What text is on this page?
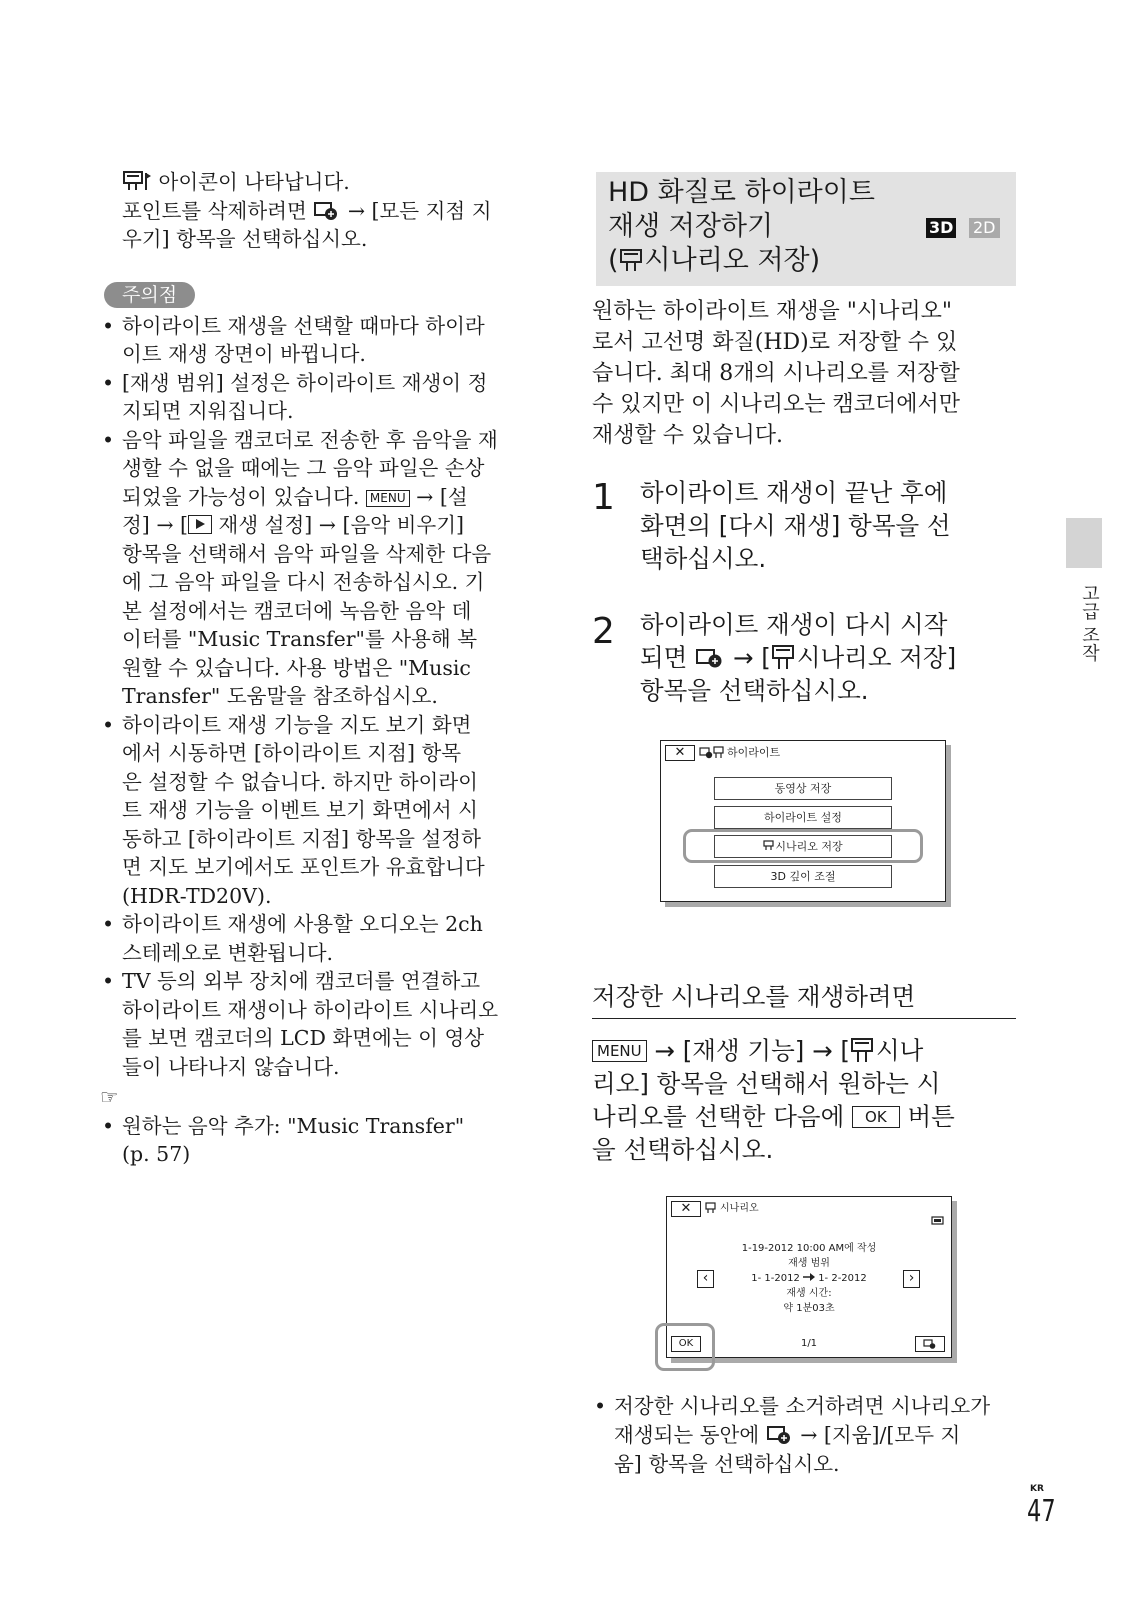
아이콘이 나타납니다.

포인트를 삭제하려면 → [모든 지점 지

우기] 항목을 선택하십시오.

주의점

• 하이라이트 재생을 선택할 때마다 하이라

이트 재생 장면이 바뀝니다.

• [재생 범위] 설정은 하이라이트 재생이 정

지되면 지워집니다.

• 음악 파일을 캠코더로 전송한 후 음악을 재

생할 수 없을 때에는 그 음악 파일은 손상

되었을 가능성이 있습니다. MENU → [설

정] → [ 재생 설정] → [음악 비우기]

항목을 선택해서 음악 파일을 삭제한 다음

에 그 음악 파일을 다시 전송하십시오. 기

본 설정에서는 캠코더에 녹음한 음악 데

이터를 "Music Transfer"를 사용해 복

원할 수 있습니다. 사용 방법은 "Music

Transfer" 도움말을 참조하십시오.

• 하이라이트 재생 기능을 지도 보기 화면

에서 시동하면 [하이라이트 지점] 항목

은 설정할 수 없습니다. 하지만 하이라이

트 재생 기능을 이벤트 보기 화면에서 시

동하고 [하이라이트 지점] 항목을 설정하

면 지도 보기에서도 포인트가 유효합니다

(HDR-TD20V).

• 하이라이트 재생에 사용할 오디오는 2ch

스테레오로 변환됩니다.

• TV 등의 외부 장치에 캠코더를 연결하고

하이라이트 재생이나 하이라이트 시나리오

를 보면 캠코더의 LCD 화면에는 이 영상

들이 나타나지 않습니다.

☞

• 원하는 음악 추가: "Music Transfer"

(p. 57)

HD 화질로 하이라이트
재생 저장하기
( 시나리오 저장)
3D 2D
원하는 하이라이트 재생을 "시나리오"
로서 고선명 화질(HD)로 저장할 수 있
습니다. 최대 8개의 시나리오를 저장할
수 있지만 이 시나리오는 캠코더에서만
재생할 수 있습니다.
1 하이라이트 재생이 끝난 후에
화면의 [다시 재생] 항목을 선
택하십시오.
2 하이라이트 재생이 다시 시작
되면 → [ 시나리오 저장]
항목을 선택하십시오.
고급 조작
✕	하이라이트
동영상 저장
하이라이트 설정
시나리오 저장
3D 깊이 조절
저장한 시나리오를 재생하려면
MENU → [재생 기능] → [ 시나
리오] 항목을 선택해서 원하는 시
나리오를 선택한 다음에 OK 버튼
을 선택하십시오.
✕	시나리오
1-19-2012 10:00 AM에 작성
재생 범위
1- 1-2012 1- 2-2012
재생 시간:
약 1분03초
‹	›
OK	1/1
• 저장한 시나리오를 소거하려면 시나리오가
재생되는 동안에 → [지움]/[모두 지
움] 항목을 선택하십시오.
KR
47
